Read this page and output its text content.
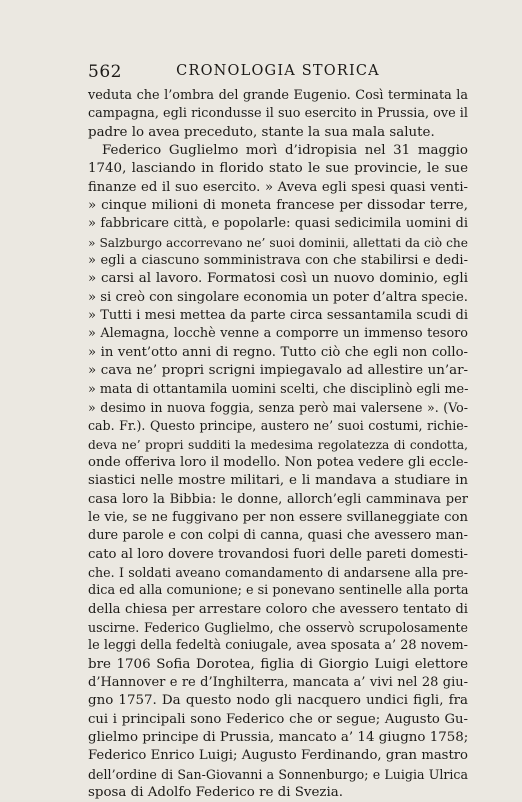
562	CRONOLOGIA STORICA
veduta che l’ombra del grande Eugenio. Così terminata la
campagna, egli ricondusse il suo esercito in Prussia, ove il
padre lo avea preceduto, stante la sua mala salute.
Federico Guglielmo morì d’idropisia nel 31 maggio
1740, lasciando in florido stato le sue provincie, le sue
finanze ed il suo esercito. » Aveva egli spesi quasi venti-
» cinque milioni di moneta francese per dissodar terre,
» fabbricare città, e popolarle: quasi sedicimila uomini di
» Salzburgo accorrevano ne’ suoi dominii, allettati da ciò che
» egli a ciascuno somministrava con che stabilirsi e dedi-
» carsi al lavoro. Formatosi così un nuovo dominio, egli
» si creò con singolare economia un poter d’altra specie.
» Tutti i mesi mettea da parte circa sessantamila scudi di
» Alemagna, locchè venne a comporre un immenso tesoro
» in vent’otto anni di regno. Tutto ciò che egli non collo-
» cava ne’ propri scrigni impiegavalo ad allestire un’ar-
» mata di ottantamila uomini scelti, che disciplinò egli me-
» desimo in nuova foggia, senza però mai valersene ». (Vo-
cab. Fr.). Questo principe, austero ne’ suoi costumi, richie-
deva ne’ propri sudditi la medesima regolatezza di condotta,
onde offeriva loro il modello. Non potea vedere gli eccle-
siastici nelle mostre militari, e li mandava a studiare in
casa loro la Bibbia: le donne, allorch’egli camminava per
le vie, se ne fuggivano per non essere svillaneggiate con
dure parole e con colpi di canna, quasi che avessero man-
cato al loro dovere trovandosi fuori delle pareti domesti-
che. I soldati aveano comandamento di andarsene alla pre-
dica ed alla comunione; e si ponevano sentinelle alla porta
della chiesa per arrestare coloro che avessero tentato di
uscirne. Federico Guglielmo, che osservò scrupolosamente
le leggi della fedeltà coniugale, avea sposata a’ 28 novem-
bre 1706 Sofia Dorotea, figlia di Giorgio Luigi elettore
d’Hannover e re d’Inghilterra, mancata a’ vivi nel 28 giu-
gno 1757. Da questo nodo gli nacquero undici figli, fra
cui i principali sono Federico che or segue; Augusto Gu-
glielmo principe di Prussia, mancato a’ 14 giugno 1758;
Federico Enrico Luigi; Augusto Ferdinando, gran mastro
dell’ordine di San-Giovanni a Sonnenburgo; e Luigia Ulrica
sposa di Adolfo Federico re di Svezia.
